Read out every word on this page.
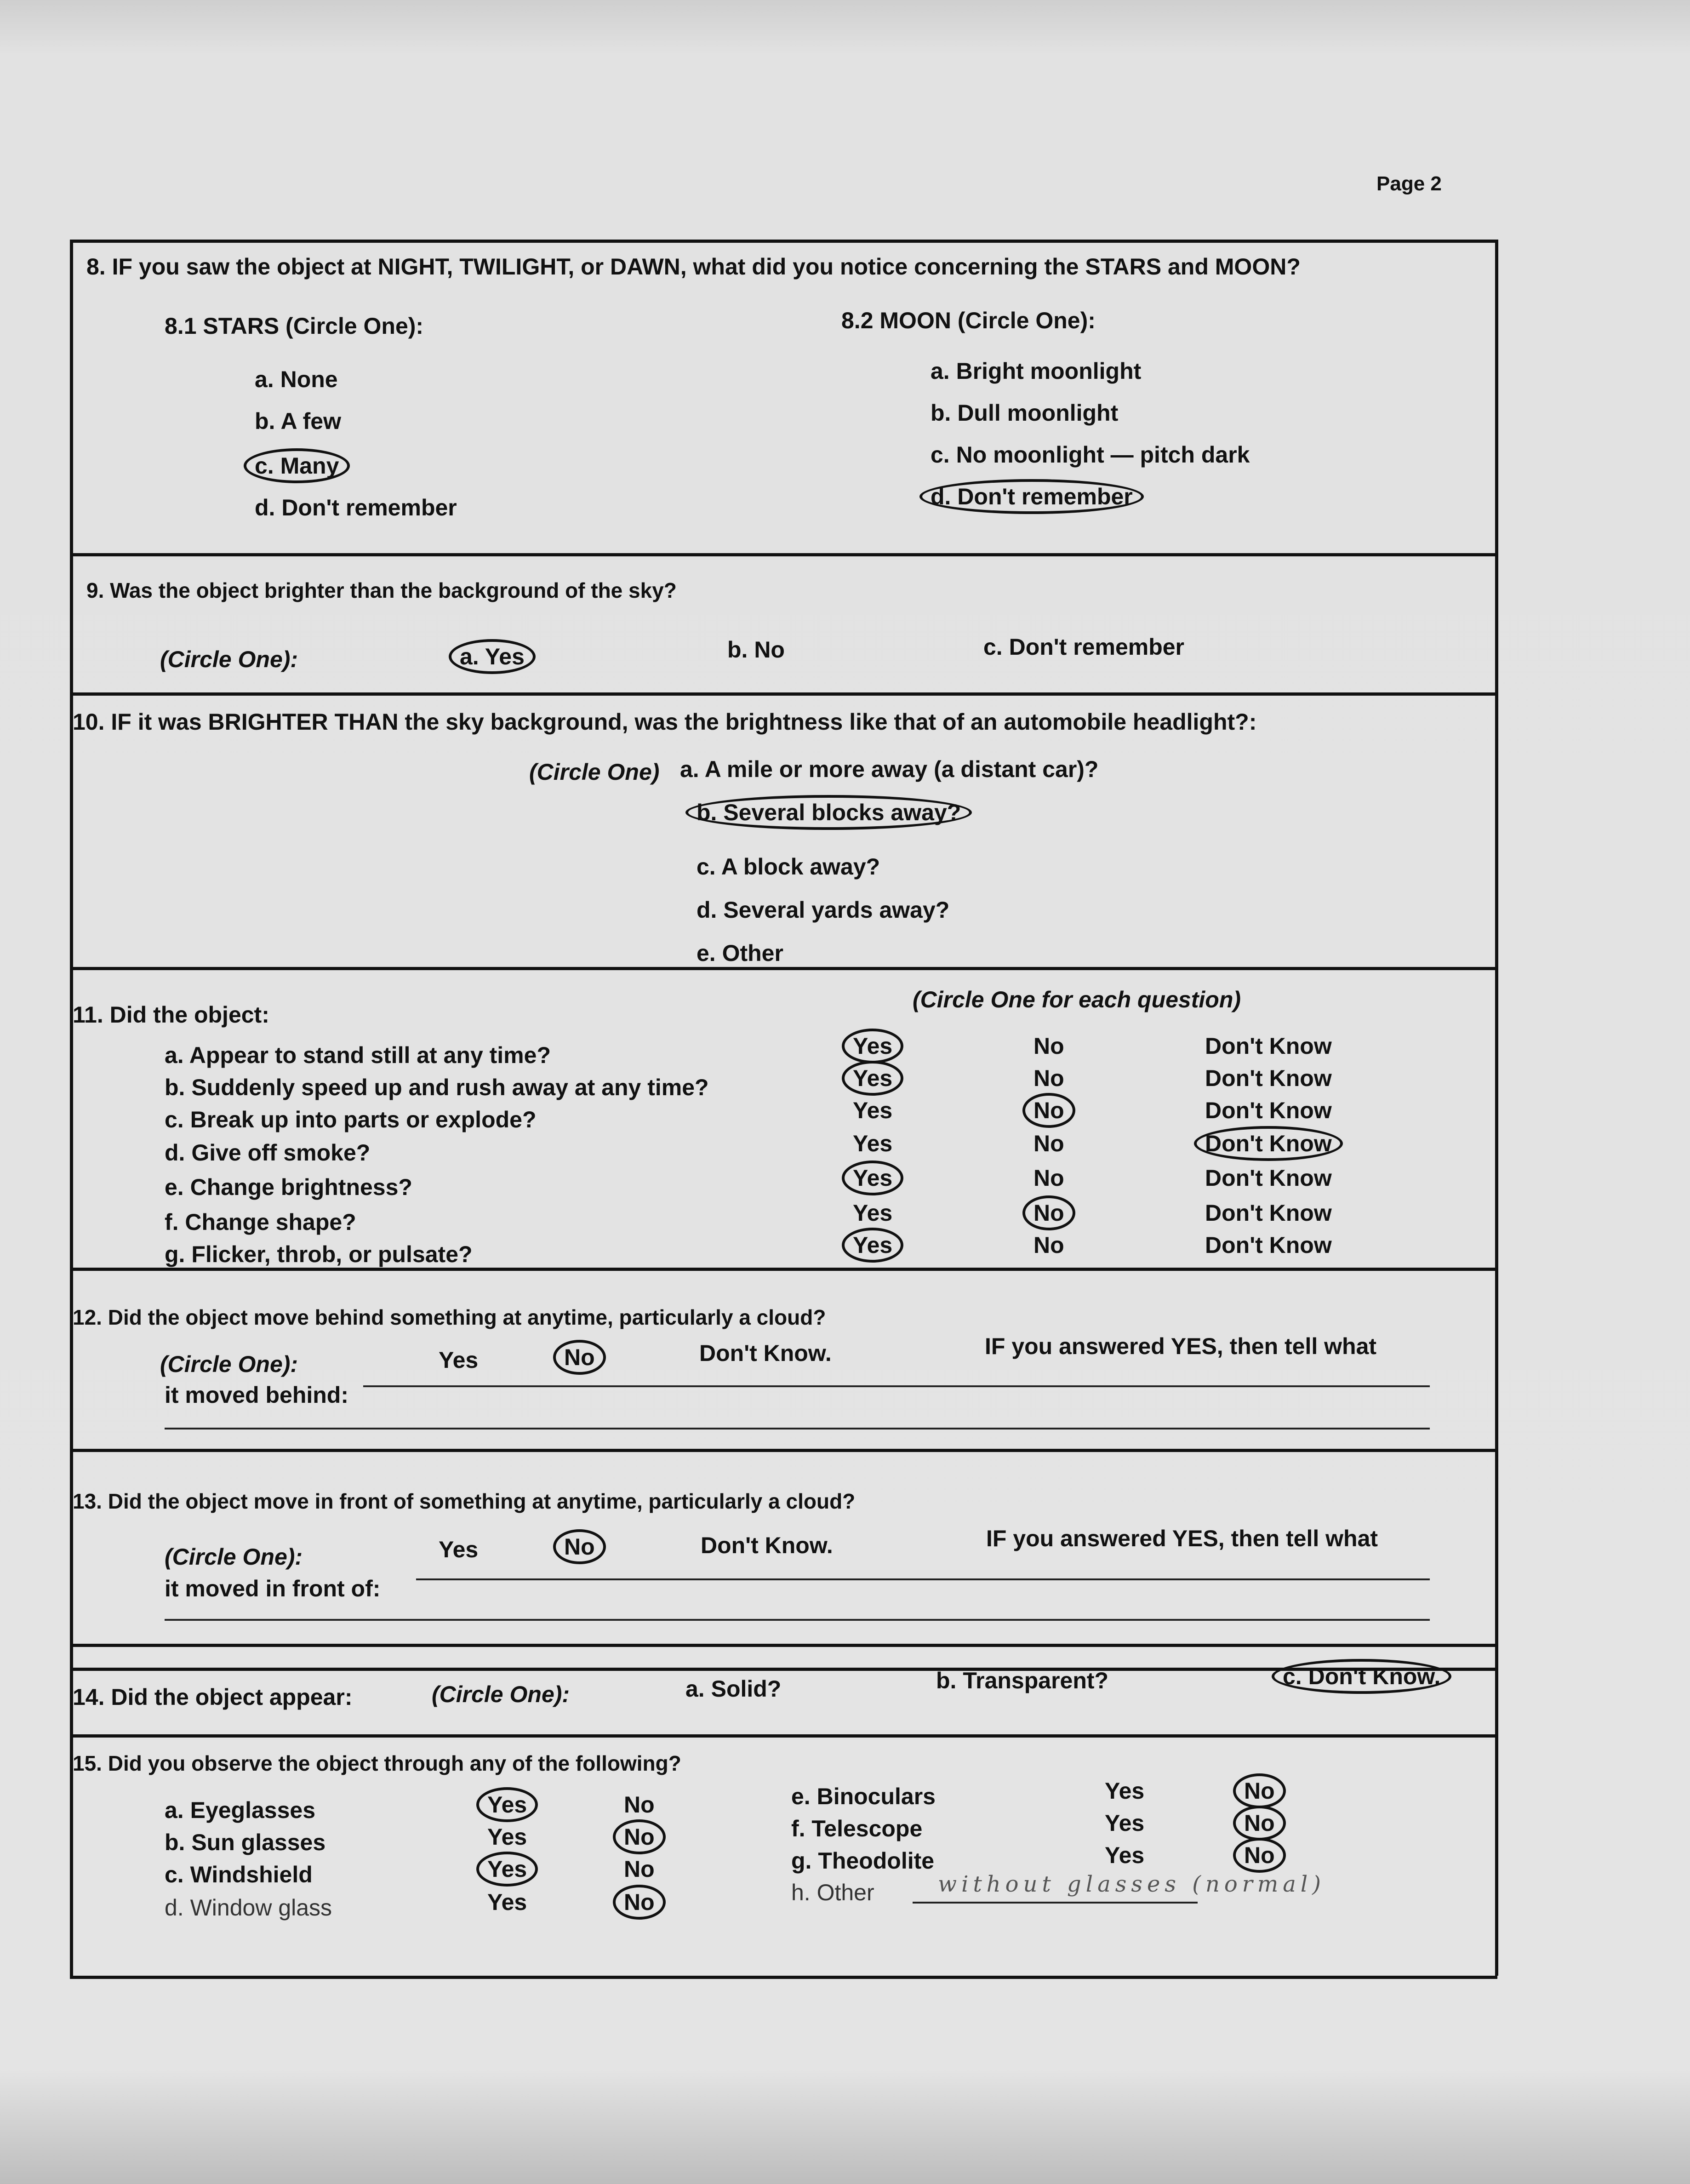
Page 2
8. IF you saw the object at NIGHT, TWILIGHT, or DAWN, what did you notice concerning the STARS and MOON?
8.1 STARS (Circle One):	8.2 MOON (Circle One):
a. None
b. A few
c. Many
d. Don't remember
a. Bright moonlight
b. Dull moonlight
c. No moonlight — pitch dark
d. Don't remember
9. Was the object brighter than the background of the sky?
(Circle One):	a. Yes	b. No	c. Don't remember
10. IF it was BRIGHTER THAN the sky background, was the brightness like that of an automobile headlight?:
(Circle One) a. A mile or more away (a distant car)?
b. Several blocks away?
c. A block away?
d. Several yards away?
e. Other
11. Did the object:
(Circle One for each question)
a. Appear to stand still at any time?	Yes	No	Don't Know
b. Suddenly speed up and rush away at any time?	Yes	No	Don't Know
c. Break up into parts or explode?	Yes	No	Don't Know
d. Give off smoke?	Yes	No	Don't Know
e. Change brightness?	Yes	No	Don't Know
f. Change shape?	Yes	No	Don't Know
g. Flicker, throb, or pulsate?	Yes	No	Don't Know
12. Did the object move behind something at anytime, particularly a cloud?
(Circle One):	Yes	No	Don't Know.	IF you answered YES, then tell what
it moved behind:
13. Did the object move in front of something at anytime, particularly a cloud?
(Circle One):	Yes	No	Don't Know.	IF you answered YES, then tell what
it moved in front of:
14. Did the object appear:	(Circle One):	a. Solid?	b. Transparent?	c. Don't Know.
15. Did you observe the object through any of the following?
a. Eyeglasses	Yes	No
b. Sun glasses	Yes	No
c. Windshield	Yes	No
d. Window glass	Yes	No
e. Binoculars	Yes	No
f. Telescope	Yes	No
g. Theodolite	Yes	No
h. Other	without glasses (normal)
